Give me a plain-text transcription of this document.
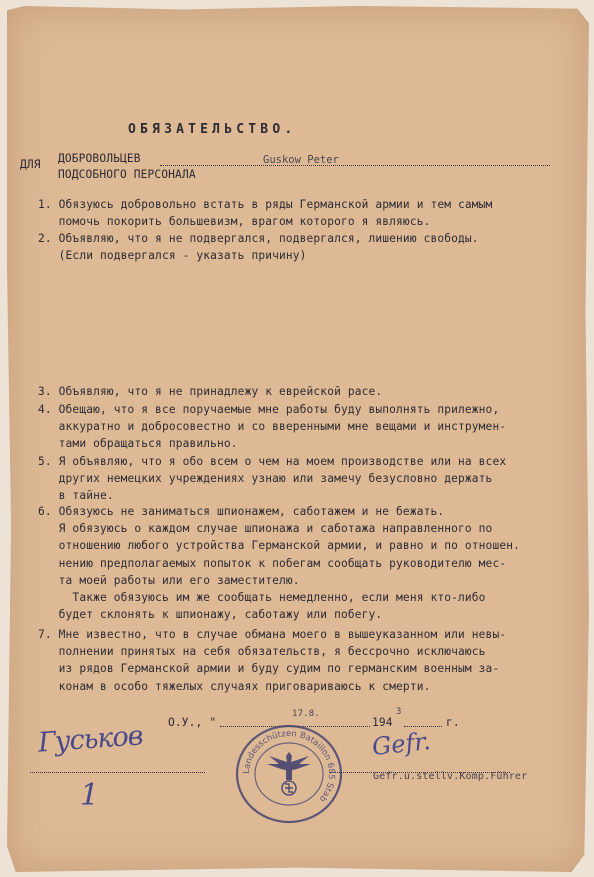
ОБЯЗАТЕЛЬСТВО.
ДЛЯ ДОБРОВОЛЬЦЕВ
ПОДСОБНОГО ПЕРСОНАЛА
Guskow Peter
О.У., "
17.8.
194
3
г.
Gefr.u.stellv.Komp.Führer
Гуськов
1
Gefr.
Landesschützen Bataillon 685 Stab
1. Обязуюсь добровольно встать в ряды Германской армии и тем самым
помочь покорить большевизм, врагом которого я являюсь.
2. Объявляю, что я не подвергался, подвергался, лишению свободы.
(Если подвергался - указать причину)
3. Объявляю, что я не принадлежу к еврейской расе.
4. Обещаю, что я все поручаемые мне работы буду выполнять прилежно,
аккуратно и добросовестно и со вверенными мне вещами и инструмен-
тами обращаться правильно.
5. Я объявляю, что я обо всем о чем на моем производстве или на всех
других немецких учреждениях узнаю или замечу безусловно держать
в тайне.
6. Обязуюсь не заниматься шпионажем, саботажем и не бежать.
Я обязуюсь о каждом случае шпионажа и саботажа направленного по
отношению любого устройства Германской армии, и равно и по отношен.
нению предполагаемых попыток к побегам сообщать руководителю мес-
та моей работы или его заместителю.
Также обязуюсь им же сообщать немедленно, если меня кто-либо
будет склонять к шпионажу, саботажу или побегу.
7. Мне известно, что в случае обмана моего в вышеуказанном или невы-
полнении принятых на себя обязательств, я бессрочно исключаюсь
из рядов Германской армии и буду судим по германским военным за-
конам в особо тяжелых случаях приговариваюсь к смерти.
